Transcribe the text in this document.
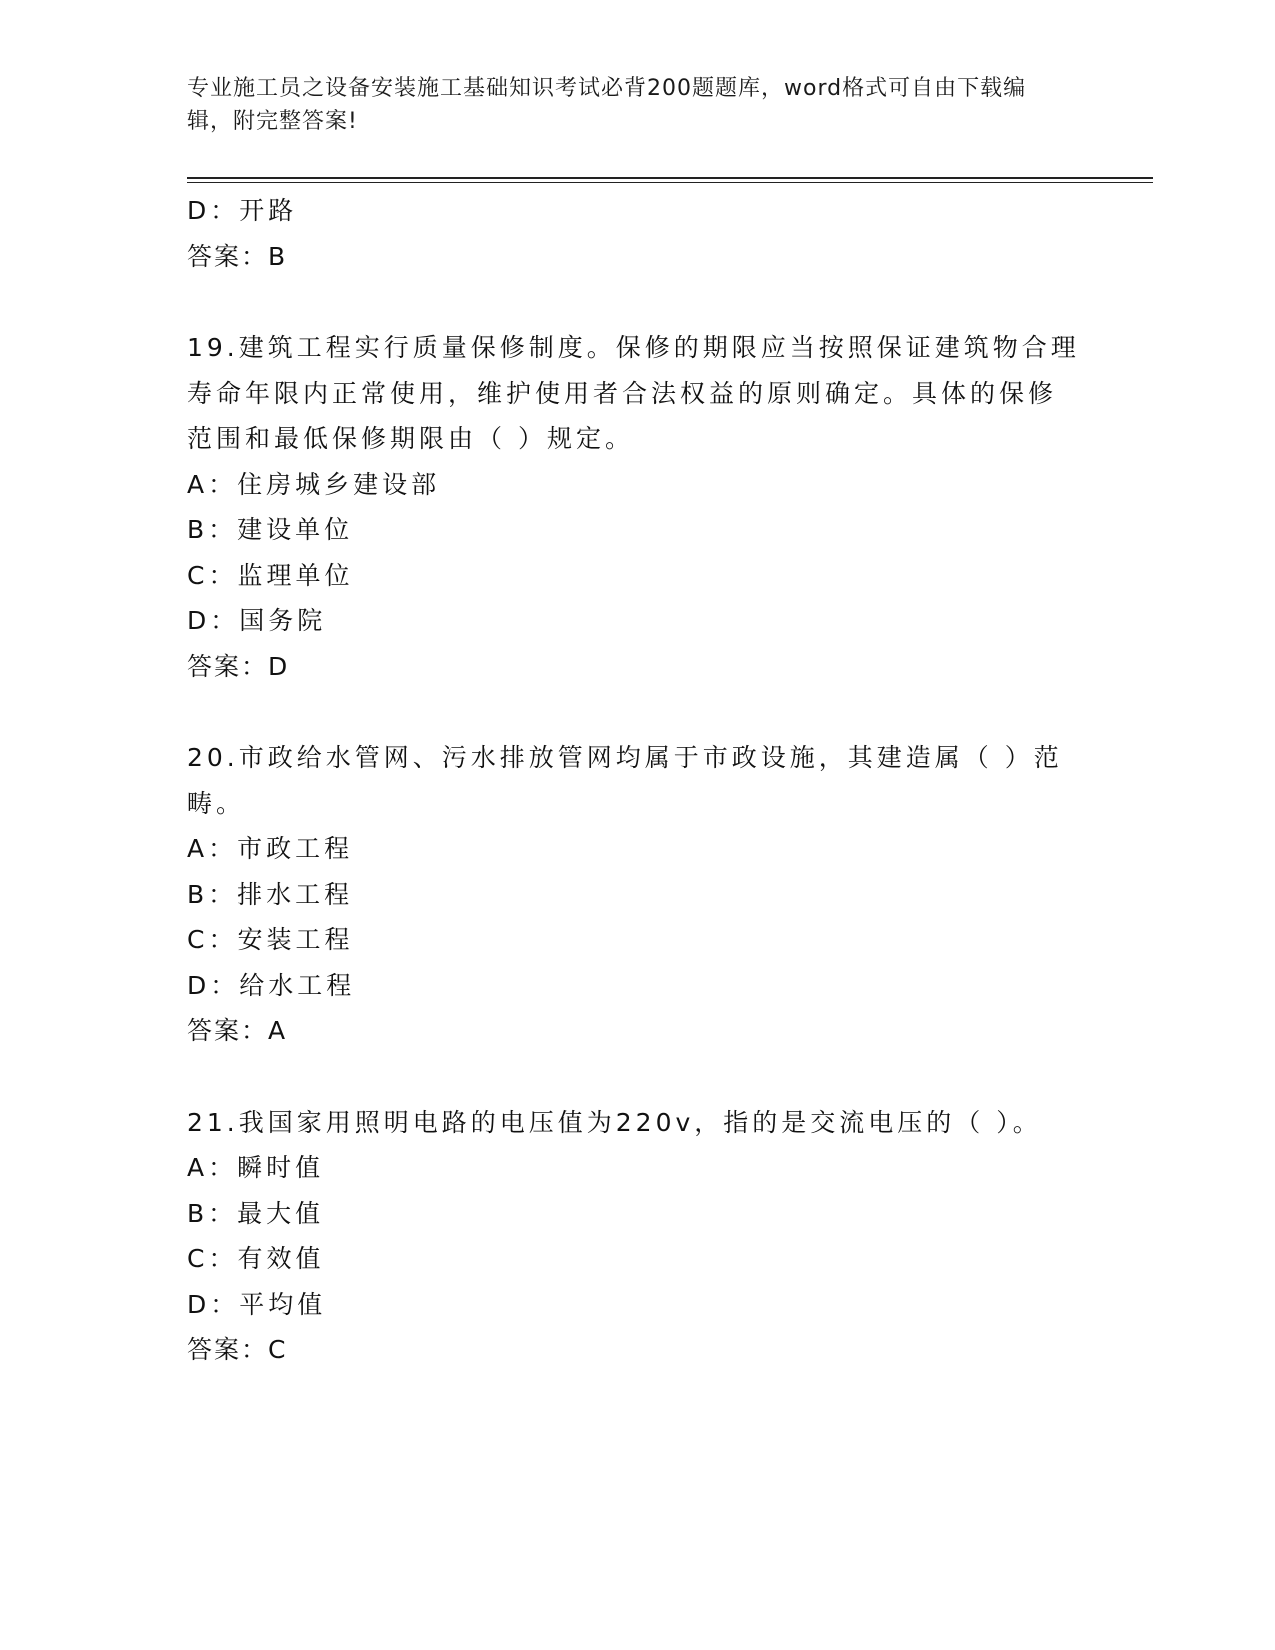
专业施工员之设备安装施工基础知识考试必背200题题库，word格式可自由下载编辑，附完整答案!
D：开路
答案：B
19.建筑工程实行质量保修制度。保修的期限应当按照保证建筑物合理
寿命年限内正常使用，维护使用者合法权益的原则确定。具体的保修
范围和最低保修期限由（ ）规定。
A：住房城乡建设部
B：建设单位
C：监理单位
D：国务院
答案：D
20.市政给水管网、污水排放管网均属于市政设施，其建造属（ ）范
畴。
A：市政工程
B：排水工程
C：安装工程
D：给水工程
答案：A
21.我国家用照明电路的电压值为220v，指的是交流电压的（ ）。
A：瞬时值
B：最大值
C：有效值
D：平均值
答案：C
